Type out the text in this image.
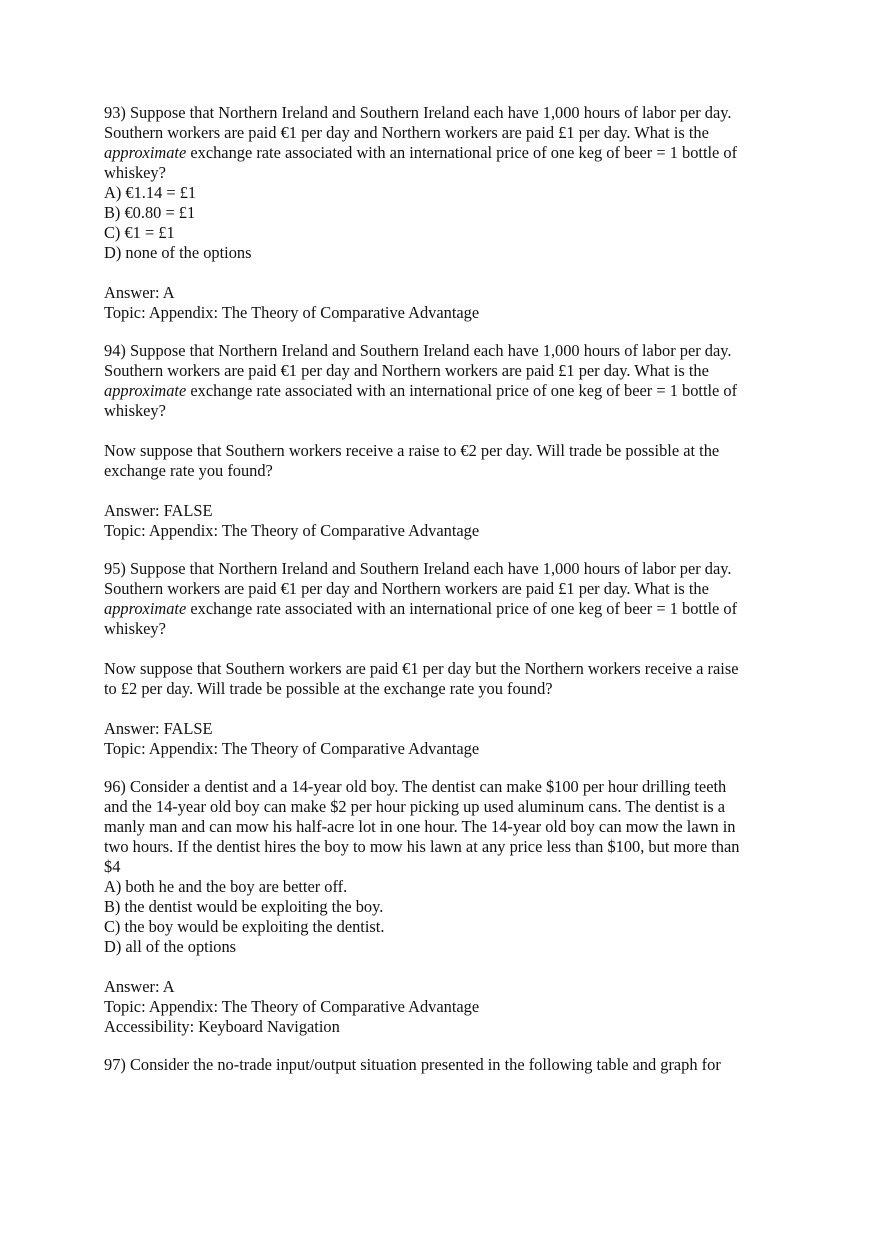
93) Suppose that Northern Ireland and Southern Ireland each have 1,000 hours of labor per day.
Southern workers are paid €1 per day and Northern workers are paid £1 per day. What is the
approximate exchange rate associated with an international price of one keg of beer = 1 bottle of
whiskey?
A) €1.14 = £1
B) €0.80 = £1
C) €1 = £1
D) none of the options
Answer: A
Topic: Appendix: The Theory of Comparative Advantage
94) Suppose that Northern Ireland and Southern Ireland each have 1,000 hours of labor per day.
Southern workers are paid €1 per day and Northern workers are paid £1 per day. What is the
approximate exchange rate associated with an international price of one keg of beer = 1 bottle of
whiskey?
Now suppose that Southern workers receive a raise to €2 per day. Will trade be possible at the
exchange rate you found?
Answer: FALSE
Topic: Appendix: The Theory of Comparative Advantage
95) Suppose that Northern Ireland and Southern Ireland each have 1,000 hours of labor per day.
Southern workers are paid €1 per day and Northern workers are paid £1 per day. What is the
approximate exchange rate associated with an international price of one keg of beer = 1 bottle of
whiskey?
Now suppose that Southern workers are paid €1 per day but the Northern workers receive a raise
to £2 per day. Will trade be possible at the exchange rate you found?
Answer: FALSE
Topic: Appendix: The Theory of Comparative Advantage
96) Consider a dentist and a 14-year old boy. The dentist can make $100 per hour drilling teeth
and the 14-year old boy can make $2 per hour picking up used aluminum cans. The dentist is a
manly man and can mow his half-acre lot in one hour. The 14-year old boy can mow the lawn in
two hours. If the dentist hires the boy to mow his lawn at any price less than $100, but more than
$4
A) both he and the boy are better off.
B) the dentist would be exploiting the boy.
C) the boy would be exploiting the dentist.
D) all of the options
Answer: A
Topic: Appendix: The Theory of Comparative Advantage
Accessibility: Keyboard Navigation
97) Consider the no-trade input/output situation presented in the following table and graph for
